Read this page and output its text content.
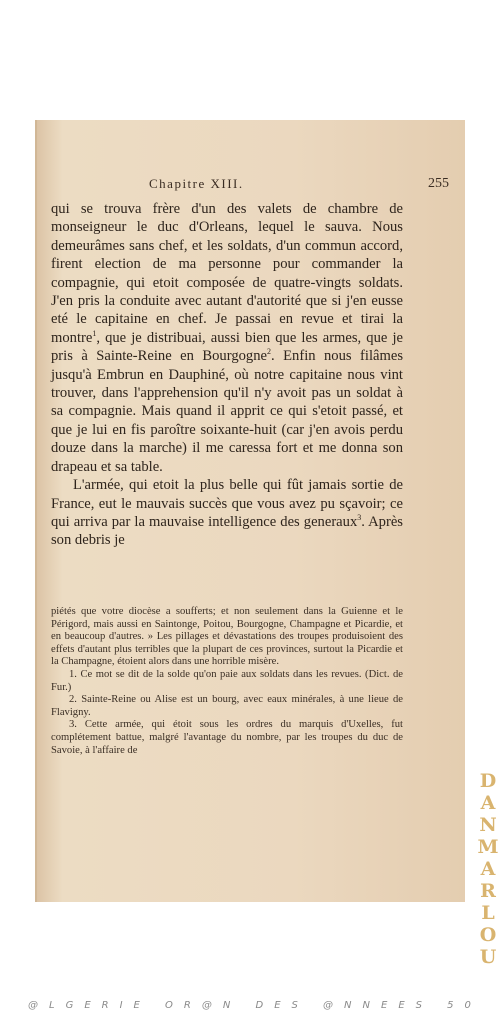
Chapitre XIII.	255

qui se trouva frère d'un des valets de chambre de monseigneur le duc d'Orleans, lequel le sauva. Nous demeurâmes sans chef, et les soldats, d'un commun accord, firent election de ma personne pour commander la compagnie, qui etoit composée de quatre-vingts soldats. J'en pris la conduite avec autant d'autorité que si j'en eusse eté le capitaine en chef. Je passai en revue et tirai la montre$^1$, que je distribuai, aussi bien que les armes, que je pris à Sainte-Reine en Bourgogne$^2$. Enfin nous filâmes jusqu'à Embrun en Dauphiné, où notre capitaine nous vint trouver, dans l'apprehension qu'il n'y avoit pas un soldat à sa compagnie. Mais quand il apprit ce qui s'etoit passé, et que je lui en fis paroître soixante-huit (car j'en avois perdu douze dans la marche) il me caressa fort et me donna son drapeau et sa table.

L'armée, qui etoit la plus belle qui fût jamais sortie de France, eut le mauvais succès que vous avez pu sçavoir; ce qui arriva par la mauvaise intelligence des generaux$^3$. Après son debris je

piétés que votre diocèse a soufferts; et non seulement dans la Guienne et le Périgord, mais aussi en Saintonge, Poitou, Bourgogne, Champagne et Picardie, et en beaucoup d'autres. » Les pillages et dévastations des troupes produisoient des effets d'autant plus terribles que la plupart de ces provinces, surtout la Picardie et la Champagne, étoient alors dans une horrible misère.

1. Ce mot se dit de la solde qu'on paie aux soldats dans les revues. (Dict. de Fur.)

2. Sainte-Reine ou Alise est un bourg, avec eaux minérales, à une lieue de Flavigny.

3. Cette armée, qui étoit sous les ordres du marquis d'Uxelles, fut complétement battue, malgré l'avantage du nombre, par les troupes du duc de Savoie, à l'affaire de

DANMARLOU
@LGERIE OR@N DES @NNEES 50
